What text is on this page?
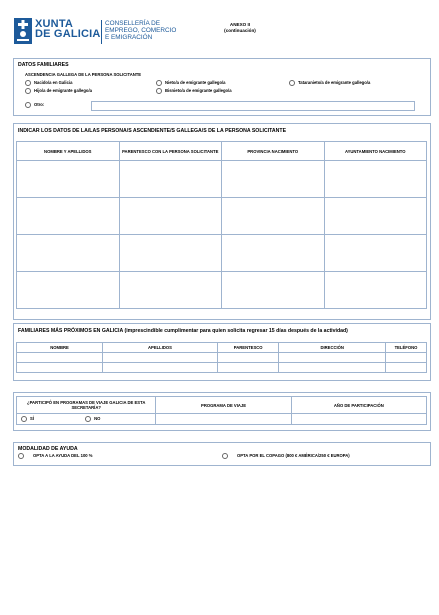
XUNTA
DE GALICIA
CONSELLERÍA DE
EMPREGO, COMERCIO
E EMIGRACIÓN
ANEXO II
(continuación)
DATOS FAMILIARES
ASCENDENCIA GALLEGA DE LA PERSONA SOLICITANTE
Nacido/a en Galicia	Nieto/a de emigrante gallego/a	Tataranieto/a de emigrante gallego/a
Hijo/a de emigrante gallego/a	Bisnieto/a de emigrante gallego/a
Otro:
INDICAR LOS DATOS DE LA/LAS PERSONA/S ASCENDIENTE/S GALLEGA/S DE LA PERSONA SOLICITANTE
NOMBRE Y APELLIDOS	PARENTESCO CON LA PERSONA SOLICITANTE	PROVINCIA NACIMIENTO	AYUNTAMIENTO NACIMIENTO

FAMILIARES MÁS PRÓXIMOS EN GALICIA (imprescindible cumplimentar para quien solicita regresar 15 días después de la actividad)
NOMBRE	APELLIDOS	PARENTESCO	DIRECCIÓN	TELÉFONO

¿PARTICIPÓ EN PROGRAMAS DE VIAJE GALICIA DE ESTA SECRETARÍA?	PROGRAMA DE VIAJE	AÑO DE PARTICIPACIÓN
SÍ NO		
MODALIDAD DE AYUDA
OPTA A LA AYUDA DEL 100 %	OPTA POR EL COPAGO (800 € AMÉRICA/250 € EUROPA)
